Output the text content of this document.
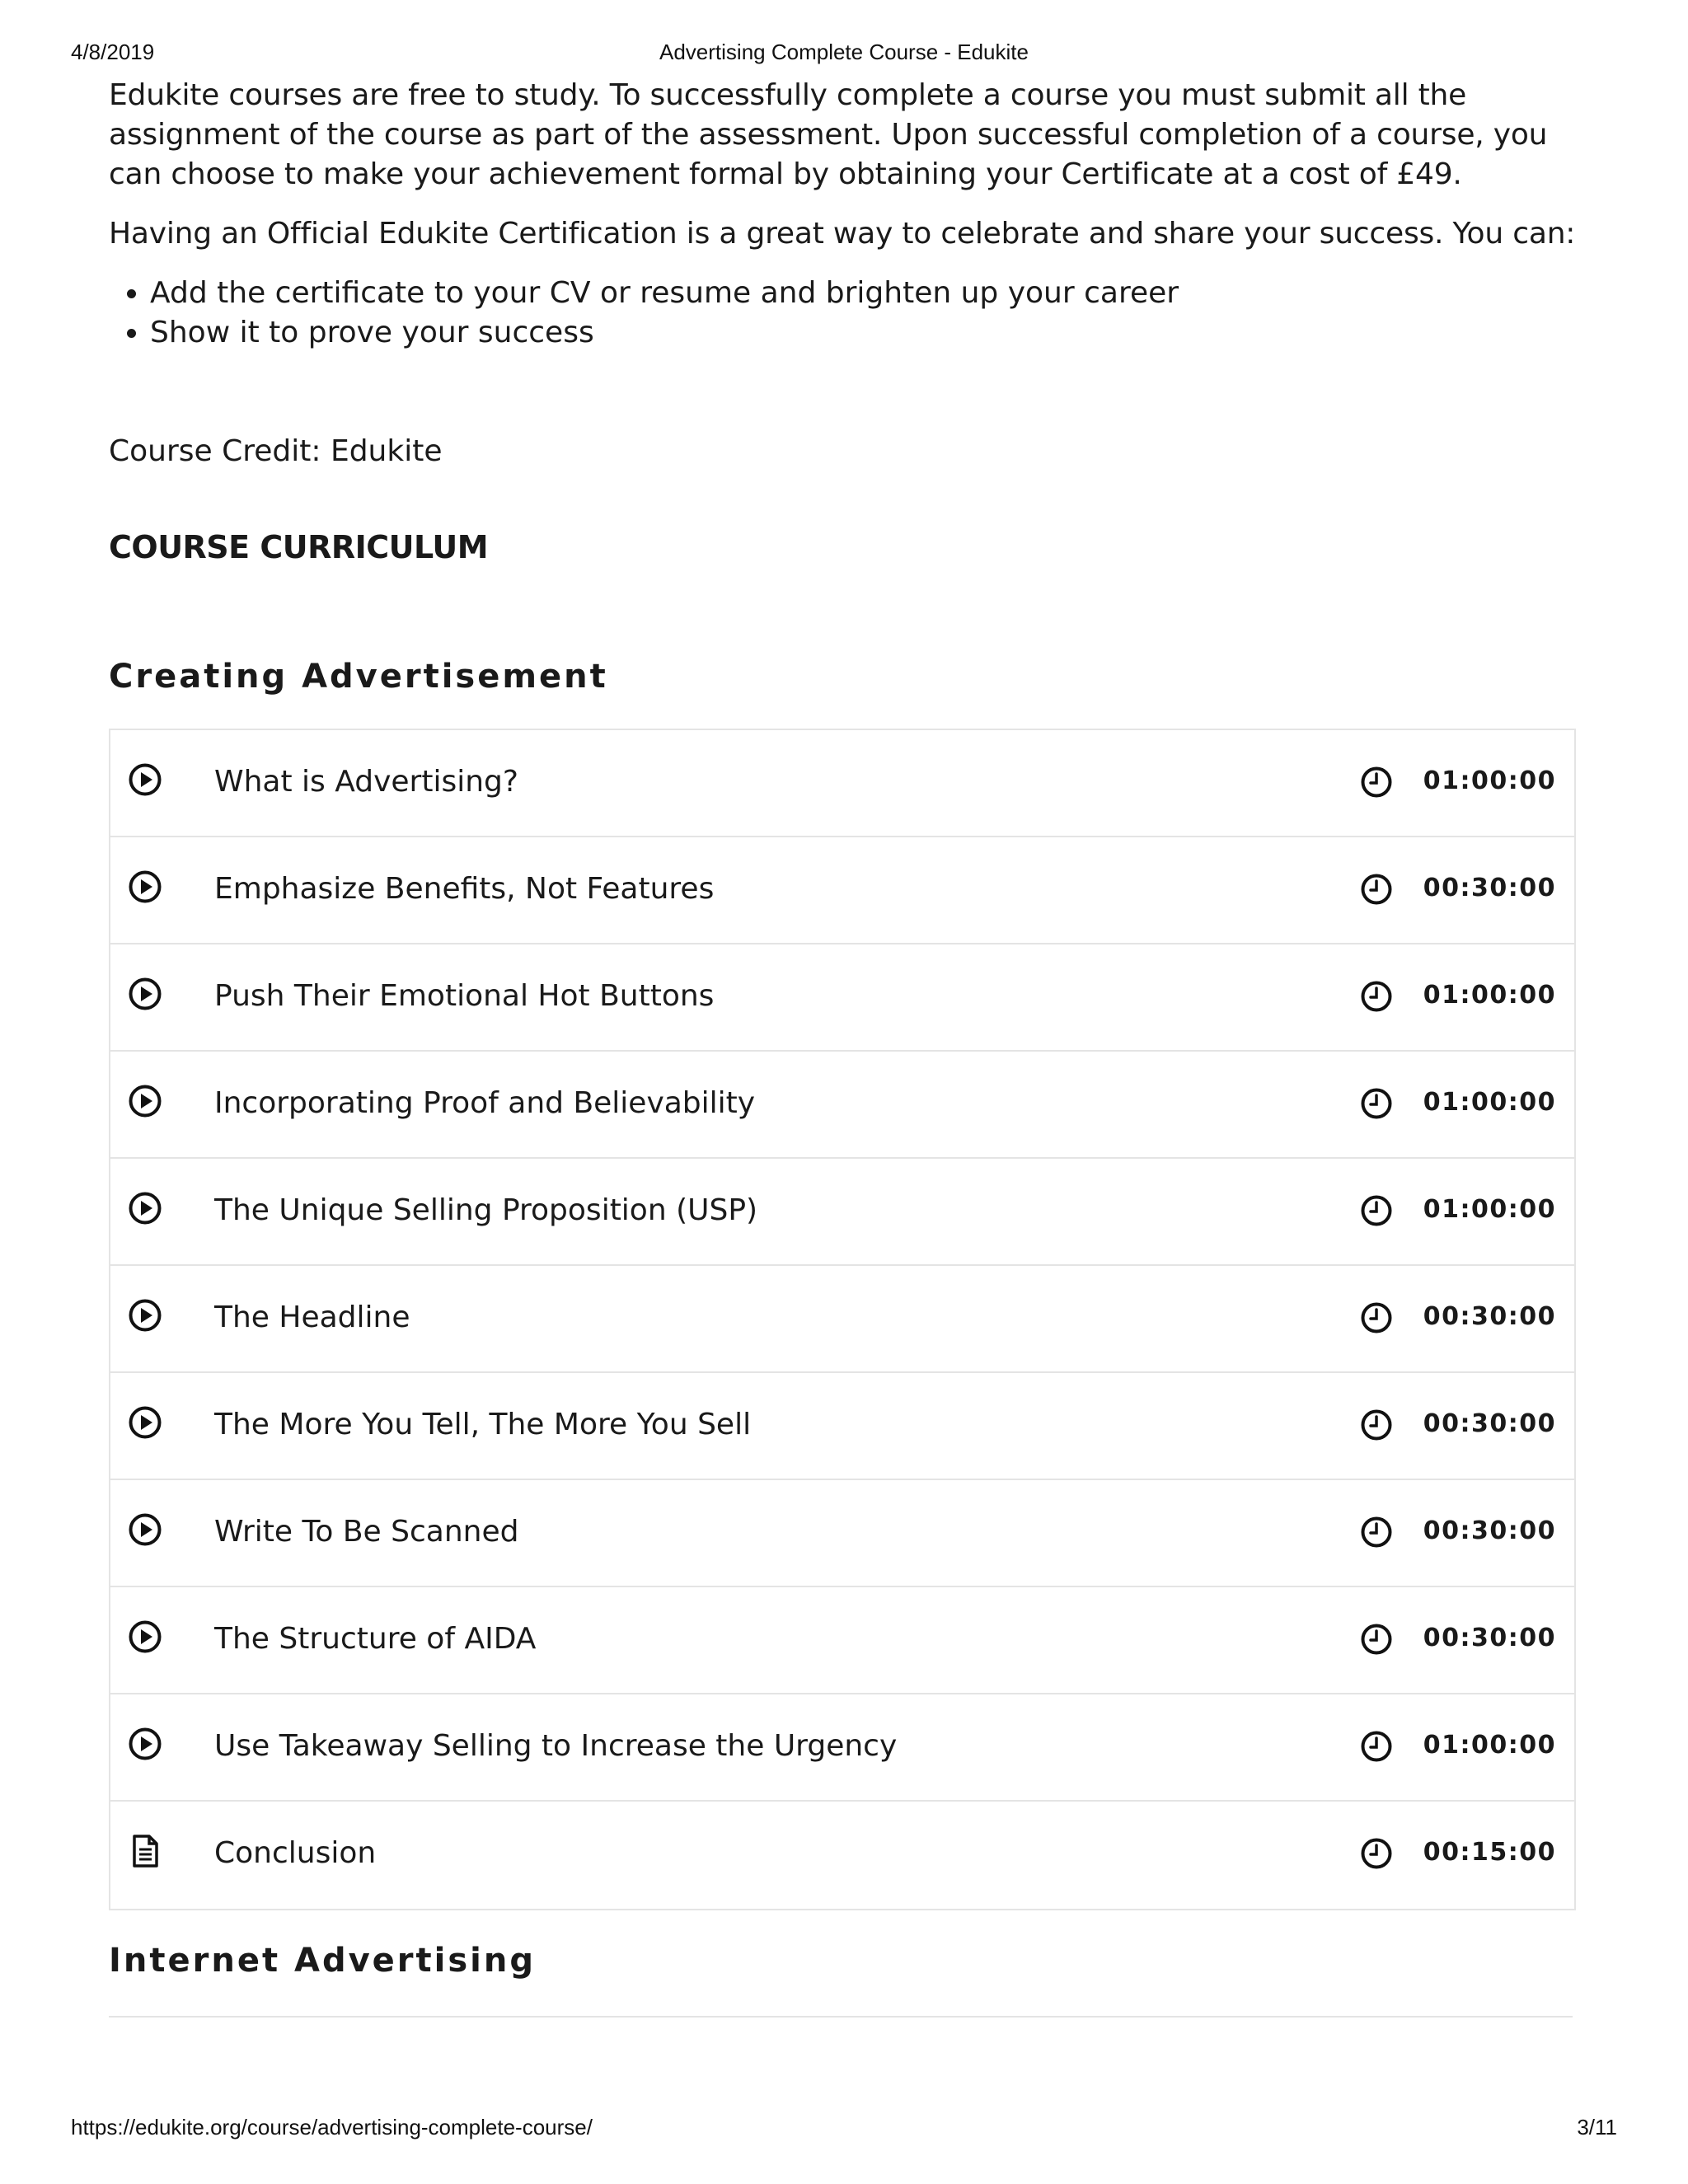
4/8/2019	Advertising Complete Course - Edukite

Edukite courses are free to study. To successfully complete a course you must submit all the assignment of the course as part of the assessment. Upon successful completion of a course, you can choose to make your achievement formal by obtaining your Certificate at a cost of £49.

Having an Official Edukite Certification is a great way to celebrate and share your success. You can:

• Add the certificate to your CV or resume and brighten up your career
• Show it to prove your success
Course Credit: Edukite
COURSE CURRICULUM
Creating Advertisement
What is Advertising?	01:00:00
Emphasize Benefits, Not Features	00:30:00
Push Their Emotional Hot Buttons	01:00:00
Incorporating Proof and Believability	01:00:00
The Unique Selling Proposition (USP)	01:00:00
The Headline	00:30:00
The More You Tell, The More You Sell	00:30:00
Write To Be Scanned	00:30:00
The Structure of AIDA	00:30:00
Use Takeaway Selling to Increase the Urgency	01:00:00
Conclusion	00:15:00
Internet Advertising
https://edukite.org/course/advertising-complete-course/	3/11
